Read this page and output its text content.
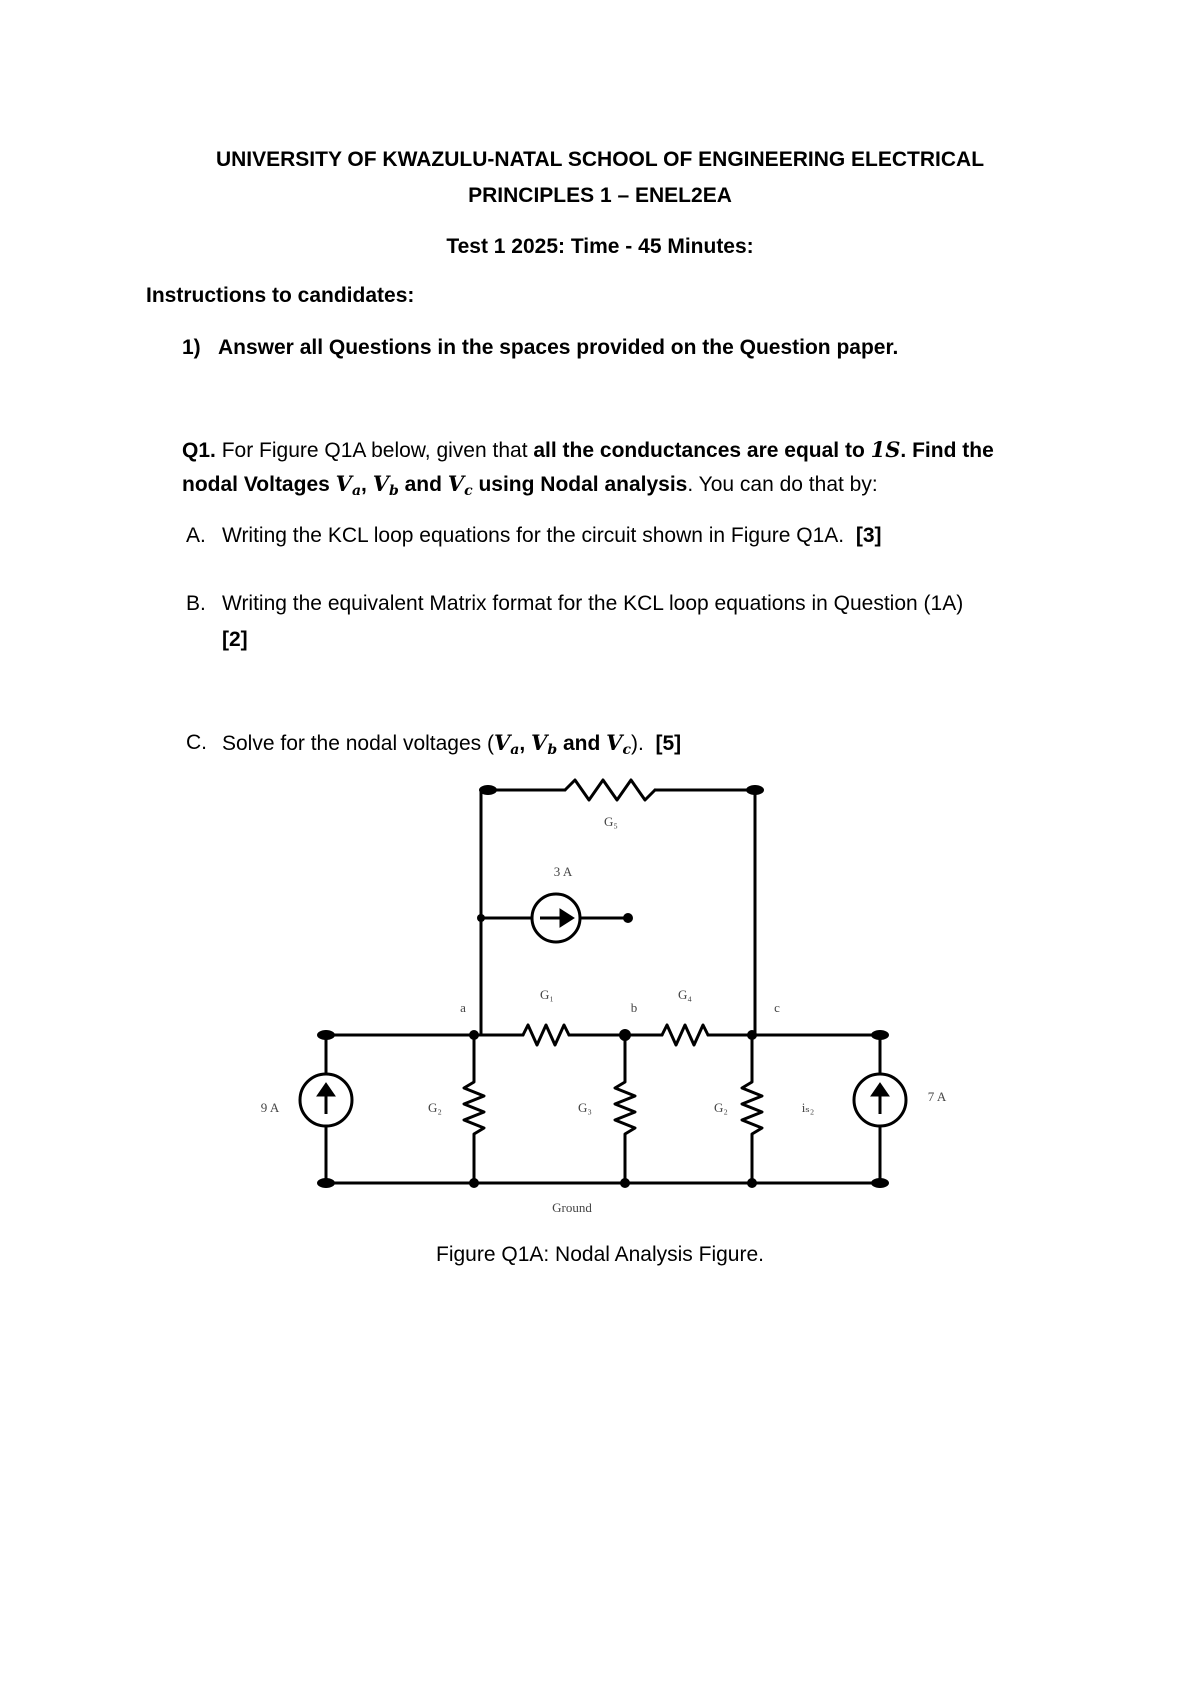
UNIVERSITY OF KWAZULU-NATAL SCHOOL OF ENGINEERING ELECTRICAL
PRINCIPLES 1 – ENEL2EA
Test 1 2025: Time - 45 Minutes:
Instructions to candidates:
1) Answer all Questions in the spaces provided on the Question paper.
Q1. For Figure Q1A below, given that all the conductances are equal to 1S. Find the
nodal Voltages $V_a$, $V_b$ and $V_c$ using Nodal analysis. You can do that by:
A. Writing the KCL loop equations for the circuit shown in Figure Q1A. [3]
B. Writing the equivalent Matrix format for the KCL loop equations in Question (1A)
[2]
C. Solve for the nodal voltages ($V_a$, $V_b$ and $V_c$). [5]
G₅
3 A
G₁	G₄
a	b	c
9 A	G₂	G₃	G₂	iₛ₂
7 A
Ground
Figure Q1A: Nodal Analysis Figure.
